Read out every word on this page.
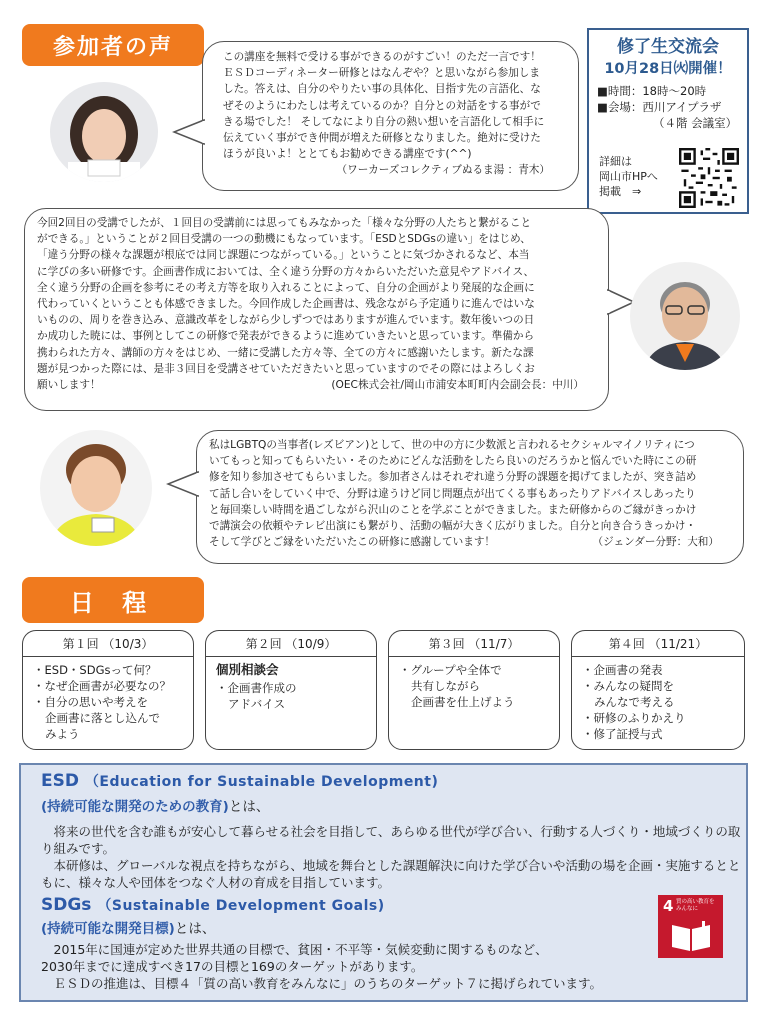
参加者の声	この講座を無料で受ける事ができるのがすごい！のただ一言です！
ＥＳＤコーディネーター研修とはなんぞや？と思いながら参加しま
した。答えは、自分のやりたい事の具体化、目指す先の言語化、な
ぜそのようにわたしは考えているのか？自分との対話をする事がで
きる場でした！ そしてなにより自分の熱い想いを言語化して相手に
伝えていく事ができ仲間が増えた研修となりました。絶対に受けた
ほうが良いよ！ととてもお勧めできる講座です(^^)
（ワーカーズコレクティブぬるま湯 ：青木）
修了生交流会
10月28日㈫開催！
■時間：18時～20時
■会場：西川アイプラザ
（４階 会議室）
詳細は
岡山市HPへ
掲載　⇒
今回2回目の受講でしたが、１回目の受講前には思ってもみなかった「様々な分野の人たちと繋がること
ができる。」ということが２回目受講の一つの動機にもなっています。「ESDとSDGsの違い」をはじめ、
「違う分野の様々な課題が根底では同じ課題につながっている。」ということに気づかされるなど、本当
に学びの多い研修です。企画書作成においては、全く違う分野の方々からいただいた意見やアドバイス、
全く違う分野の企画を参考にその考え方等を取り入れることによって、自分の企画がより発展的な企画に
代わっていくということも体感できました。今回作成した企画書は、残念ながら予定通りに進んではいな
いものの、周りを巻き込み、意識改革をしながら少しずつではありますが進んでいます。数年後いつの日
か成功した暁には、事例としてこの研修で発表ができるように進めていきたいと思っています。準備から
携わられた方々、講師の方々をはじめ、一緒に受講した方々等、全ての方々に感謝いたします。新たな課
題が見つかった際には、是非３回目を受講させていただきたいと思っていますのでその際にはよろしくお
願いします！	(OEC株式会社/岡山市浦安本町町内会副会長：中川）
私はLGBTQの当事者(レズビアン)として、世の中の方に少数派と言われるセクシャルマイノリティにつ
いてもっと知ってもらいたい・そのためにどんな活動をしたら良いのだろうかと悩んでいた時にこの研
修を知り参加させてもらいました。参加者さんはそれぞれ違う分野の課題を掲げてましたが、突き詰め
て話し合いをしていく中で、分野は違うけど同じ問題点が出てくる事もあったりアドバイスしあったり
と毎回楽しい時間を過ごしながら沢山のことを学ぶことができました。また研修からのご縁がきっかけ
で講演会の依頼やテレビ出演にも繋がり、活動の幅が大きく広がりました。自分と向き合うきっかけ・
そして学びとご縁をいただいたこの研修に感謝しています！	（ジェンダー分野：大和）
日 程
第１回 （10/3）
・ESD・SDGsって何？
・なぜ企画書が必要なの？
・自分の思いや考えを
企画書に落とし込んで
みよう
第２回 （10/9）
個別相談会
・企画書作成の
アドバイス
第３回 （11/7）
・グループや全体で
共有しながら
企画書を仕上げよう
第４回 （11/21）
・企画書の発表
・みんなの疑問を
みんなで考える
・研修のふりかえり
・修了証授与式
ESD （Education for Sustainable Development)
(持続可能な開発のための教育)とは、
　将来の世代を含む誰もが安心して暮らせる社会を目指して、あらゆる世代が学び合い、行動する人づくり・地域づくりの取り組みです。
　本研修は、グローバルな視点を持ちながら、地域を舞台とした課題解決に向けた学び合いや活動の場を企画・実施するとともに、様々な人や団体をつなぐ人材の育成を目指しています。
SDGs （Sustainable Development Goals)
(持続可能な開発目標)とは、
　2015年に国連が定めた世界共通の目標で、貧困・不平等・気候変動に関するものなど、
2030年までに達成すべき17の目標と169のターゲットがあります。
　ＥＳＤの推進は、目標４「質の高い教育をみんなに」のうちのターゲット７に掲げられています。
4 質の高い教育を
みんなに
